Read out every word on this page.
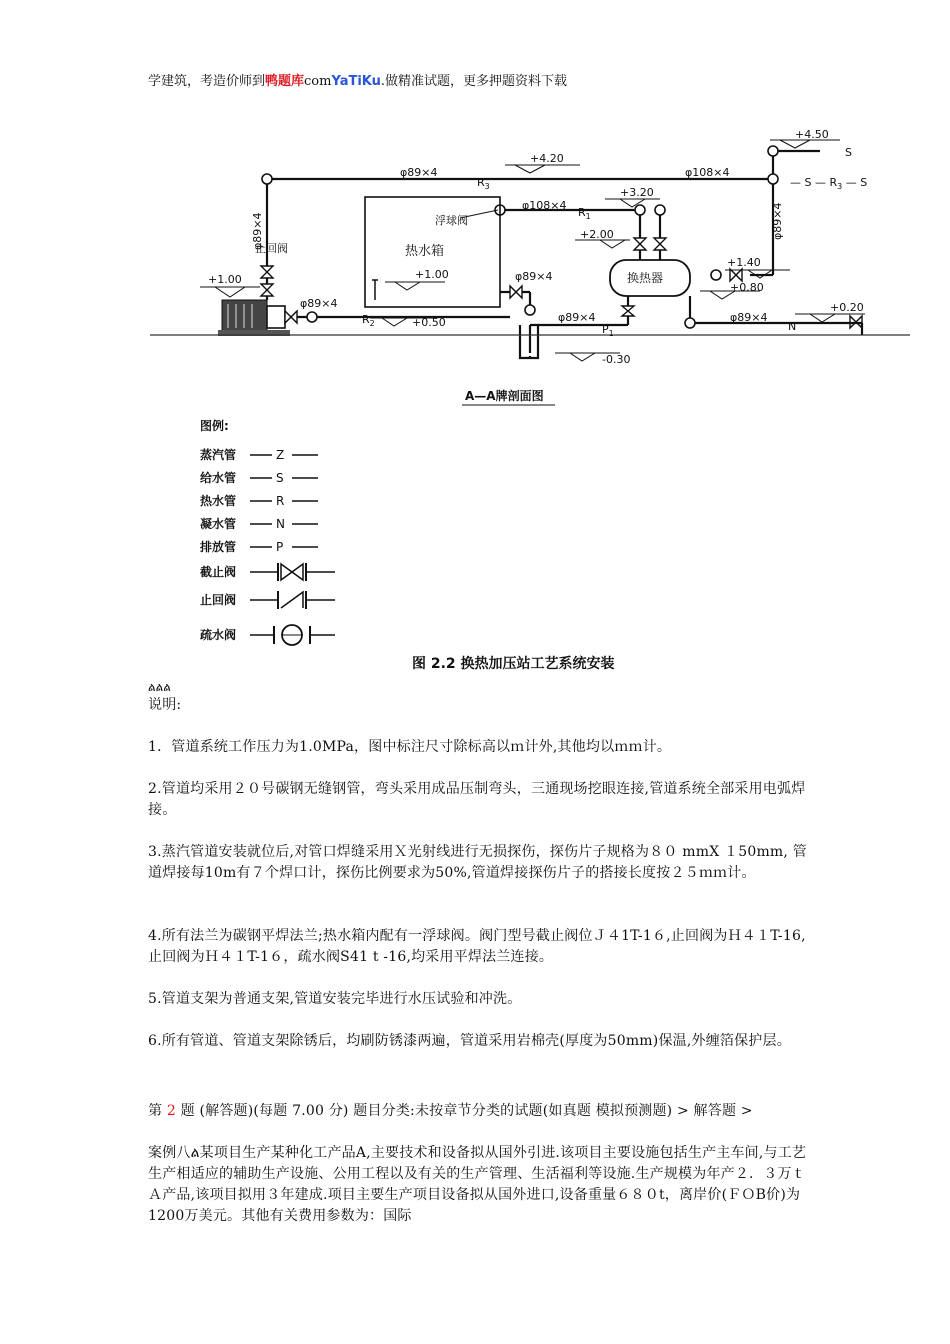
学建筑，考造价师到鸭题库comYaTiKu.做精准试题，更多押题资料下载
φ89×4	φ108×4
$R_3$
+4.20
+4.50
S
— S — $R_3$ — S
φ89×4	φ89×4
止回阀
+1.00
热水箱
浮球阀
φ108×4
$R_1$
+3.20
+2.00
+1.00	φ89×4	换热器
+1.40
+0.80
φ89×4
$R_2$	+0.50	φ89×4
$P_1$
-0.30
φ89×4
N
+0.20
A—A牌剖面图
图例:
蒸汽管	Z
给水管	S
热水管	R
凝水管	N
排放管	P
截止阀
止回阀
疏水阀
图 2.2 换热加压站工艺系统安装
ልልል
说明:
1．管道系统工作压力为1.0MPa，图中标注尺寸除标高以ｍ计外,其他均以ｍｍ计。
2.管道均采用２０号碳钢无缝钢管，弯头采用成品压制弯头，三通现场挖眼连接,管道系统全部采用电弧焊接。
3.蒸汽管道安装就位后,对管口焊缝采用Ｘ光射线进行无损探伤，探伤片子规格为８０ mmX １50mm, 管道焊接每10m有７个焊口计，探伤比例要求为50%,管道焊接探伤片子的搭接长度按２５ｍｍ计。
4.所有法兰为碳钢平焊法兰;热水箱内配有一浮球阀。阀门型号截止阀位Ｊ４1T-1６,止回阀为Ｈ４１T-16, 止回阀为Ｈ４１T-1６，疏水阀S41 t -16,均采用平焊法兰连接。
5.管道支架为普通支架,管道安装完毕进行水压试验和冲洗。
6.所有管道、管道支架除锈后，均刷防锈漆两遍，管道采用岩棉壳(厚度为50mm)保温,外缠箔保护层。
第 2 题 (解答题)(每题 7.00 分) 题目分类:未按章节分类的试题(如真题 模拟预测题) > 解答题 >
案例八ል某项目生产某种化工产品A,主要技术和设备拟从国外引进.该项目主要设施包括生产主车间,与工艺生产相适应的辅助生产设施、公用工程以及有关的生产管理、生活福利等设施.生产规模为年产２．３万ｔＡ产品,该项目拟用３年建成.项目主要生产项目设备拟从国外进口,设备重量６８０t，离岸价(ＦＯB价)为1200万美元。其他有关费用参数为：国际
